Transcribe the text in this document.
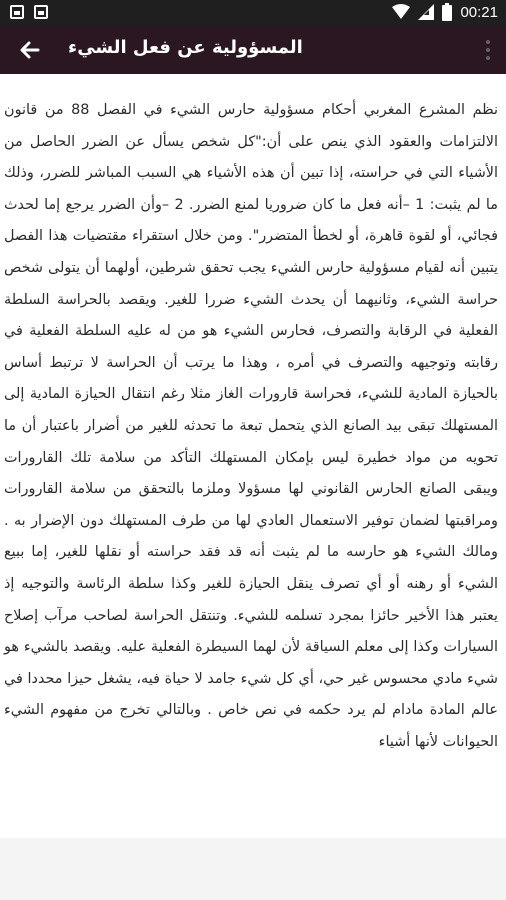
00:21
المسؤولية عن فعل الشيء
نظم المشرع المغربي أحكام مسؤولية حارس الشيء في الفصل 88 من قانون الالتزامات والعقود الذي ينص على أن:"كل شخص يسأل عن الضرر الحاصل من الأشياء التي في حراسته، إذا تبين أن هذه الأشياء هي السبب المباشر للضرر، وذلك ما لم يثبت: 1 –أنه فعل ما كان ضروريا لمنع الضرر. 2 –وأن الضرر يرجع إما لحدث فجائي، أو لقوة قاهرة، أو لخطأ المتضرر". ومن خلال استقراء مقتضيات هذا الفصل يتبين أنه لقيام مسؤولية حارس الشيء يجب تحقق شرطين، أولهما أن يتولى شخص حراسة الشيء، وثانيهما أن يحدث الشيء ضررا للغير. ويقصد بالحراسة السلطة الفعلية في الرقابة والتصرف، فحارس الشيء هو من له عليه السلطة الفعلية في رقابته وتوجيهه والتصرف في أمره ، وهذا ما يرتب أن الحراسة لا ترتبط أساس بالحيازة المادية للشيء، فحراسة قارورات الغاز مثلا رغم انتقال الحيازة المادية إلى المستهلك تبقى بيد الصانع الذي يتحمل تبعة ما تحدثه للغير من أضرار باعتبار أن ما تحويه من مواد خطيرة ليس بإمكان المستهلك التأكد من سلامة تلك القارورات ويبقى الصانع الحارس القانوني لها مسؤولا وملزما بالتحقق من سلامة القارورات ومراقبتها لضمان توفير الاستعمال العادي لها من طرف المستهلك دون الإضرار به . ومالك الشيء هو حارسه ما لم يثبت أنه قد فقد حراسته أو نقلها للغير، إما ببيع الشيء أو رهنه أو أي تصرف ينقل الحيازة للغير وكذا سلطة الرئاسة والتوجيه إذ يعتبر هذا الأخير حائزا بمجرد تسلمه للشيء. وتنتقل الحراسة لصاحب مرآب إصلاح السيارات وكذا إلى معلم السياقة لأن لهما السيطرة الفعلية عليه. ويقصد بالشيء هو شيء مادي محسوس غير حي، أي كل شيء جامد لا حياة فيه، يشغل حيزا محددا في عالم المادة مادام لم يرد حكمه في نص خاص . وبالتالي تخرج من مفهوم الشيء الحيوانات لأنها أشياء
